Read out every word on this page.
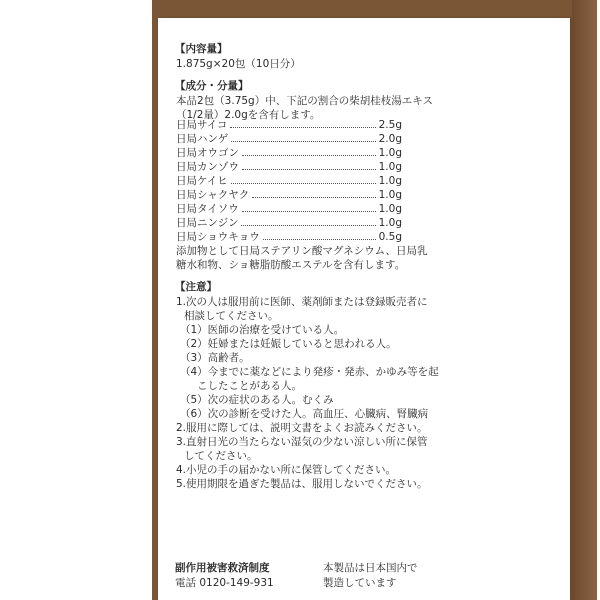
【内容量】
1.875g×20包（10日分）
【成分・分量】
本品2包（3.75g）中、下記の割合の柴胡桂枝湯エキス
（1/2量）2.0gを含有します。
日局サイコ	2.5g
日局ハンゲ	2.0g
日局オウゴン	1.0g
日局カンゾウ	1.0g
日局ケイヒ	1.0g
日局シャクヤク	1.0g
日局タイソウ	1.0g
日局ニンジン	1.0g
日局ショウキョウ	0.5g
添加物として日局ステアリン酸マグネシウム、日局乳
糖水和物、ショ糖脂肪酸エステルを含有します。
【注意】
1.次の人は服用前に医師、薬剤師または登録販売者に
相談してください。
（1）医師の治療を受けている人。
（2）妊婦または妊娠していると思われる人。
（3）高齢者。
（4）今までに薬などにより発疹・発赤、かゆみ等を起
こしたことがある人。
（5）次の症状のある人。むくみ
（6）次の診断を受けた人。高血圧、心臓病、腎臓病
2.服用に際しては、説明文書をよくお読みください。
3.直射日光の当たらない湿気の少ない涼しい所に保管
してください。
4.小児の手の届かない所に保管してください。
5.使用期限を過ぎた製品は、服用しないでください。
副作用被害救済制度
電話 0120-149-931
本製品は日本国内で
製造しています
